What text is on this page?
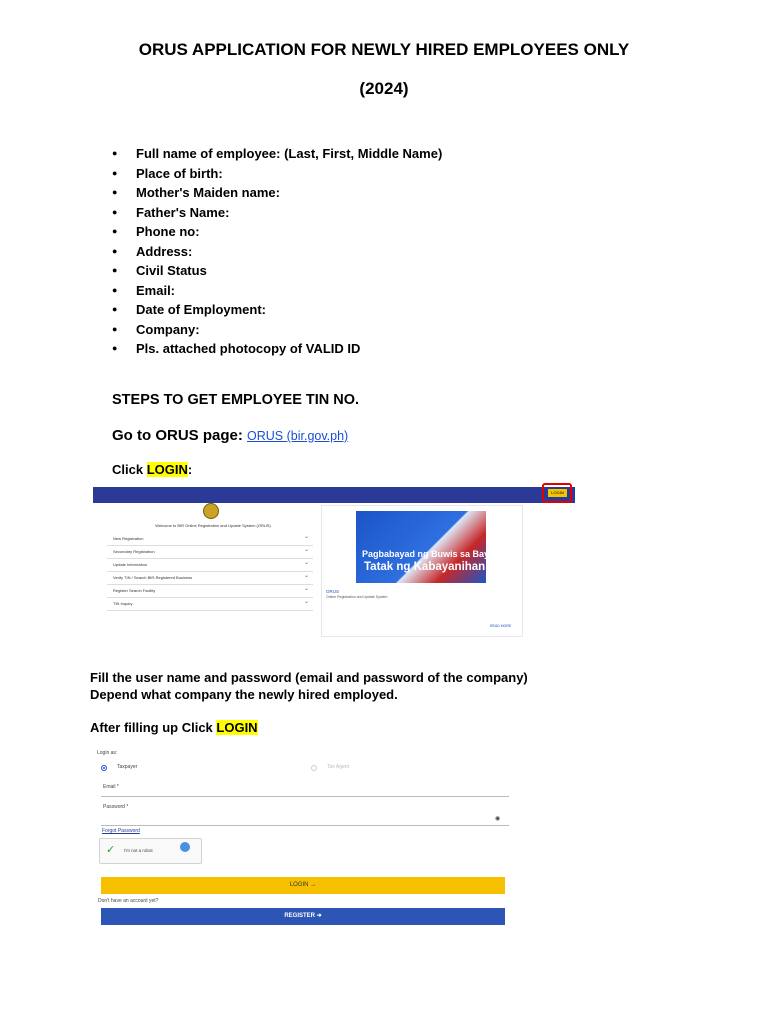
ORUS APPLICATION FOR NEWLY HIRED EMPLOYEES ONLY
(2024)
● Full name of employee: (Last, First, Middle Name)
● Place of birth:
● Mother's Maiden name:
● Father's Name:
● Phone no:
● Address:
● Civil Status
● Email:
● Date of Employment:
● Company:
● Pls. attached photocopy of VALID ID
STEPS TO GET EMPLOYEE TIN NO.
Go to ORUS page: ORUS (bir.gov.ph)
Click LOGIN:
LOGIN
Welcome to BIR Online Registration and Update System (ORUS)
New Registration ⌄
Secondary Registration ⌄
Update Information ⌄
Verify TIN / Search BIR-Registered Business ⌄
Register Search Facility ⌄
TIN Inquiry ⌄
Pagbabayad ng Buwis sa Bayan
Tatak ng Kabayanihan
ORUS
Online Registration and Update System
READ MORE
Fill the user name and password (email and password of the company)
Depend what company the newly hired employed.
After filling up Click LOGIN
Login as:
Taxpayer	Tax Agent
Email *
Password *
◉
Forgot Password
✓ I'm not a robot
LOGIN →
Don't have an account yet?
REGISTER ➜
